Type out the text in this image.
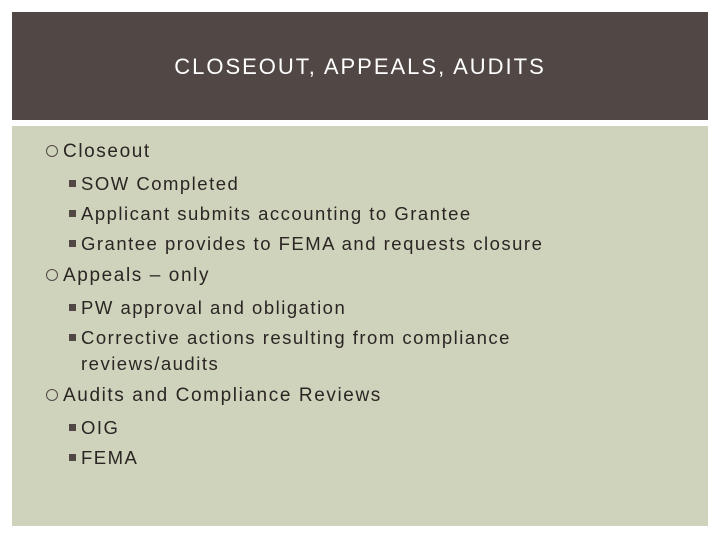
CLOSEOUT, APPEALS, AUDITS
Closeout
SOW Completed
Applicant submits accounting to Grantee
Grantee provides to FEMA and requests closure
Appeals – only
PW approval and obligation
Corrective actions resulting from compliance reviews/audits
Audits and Compliance Reviews
OIG
FEMA
